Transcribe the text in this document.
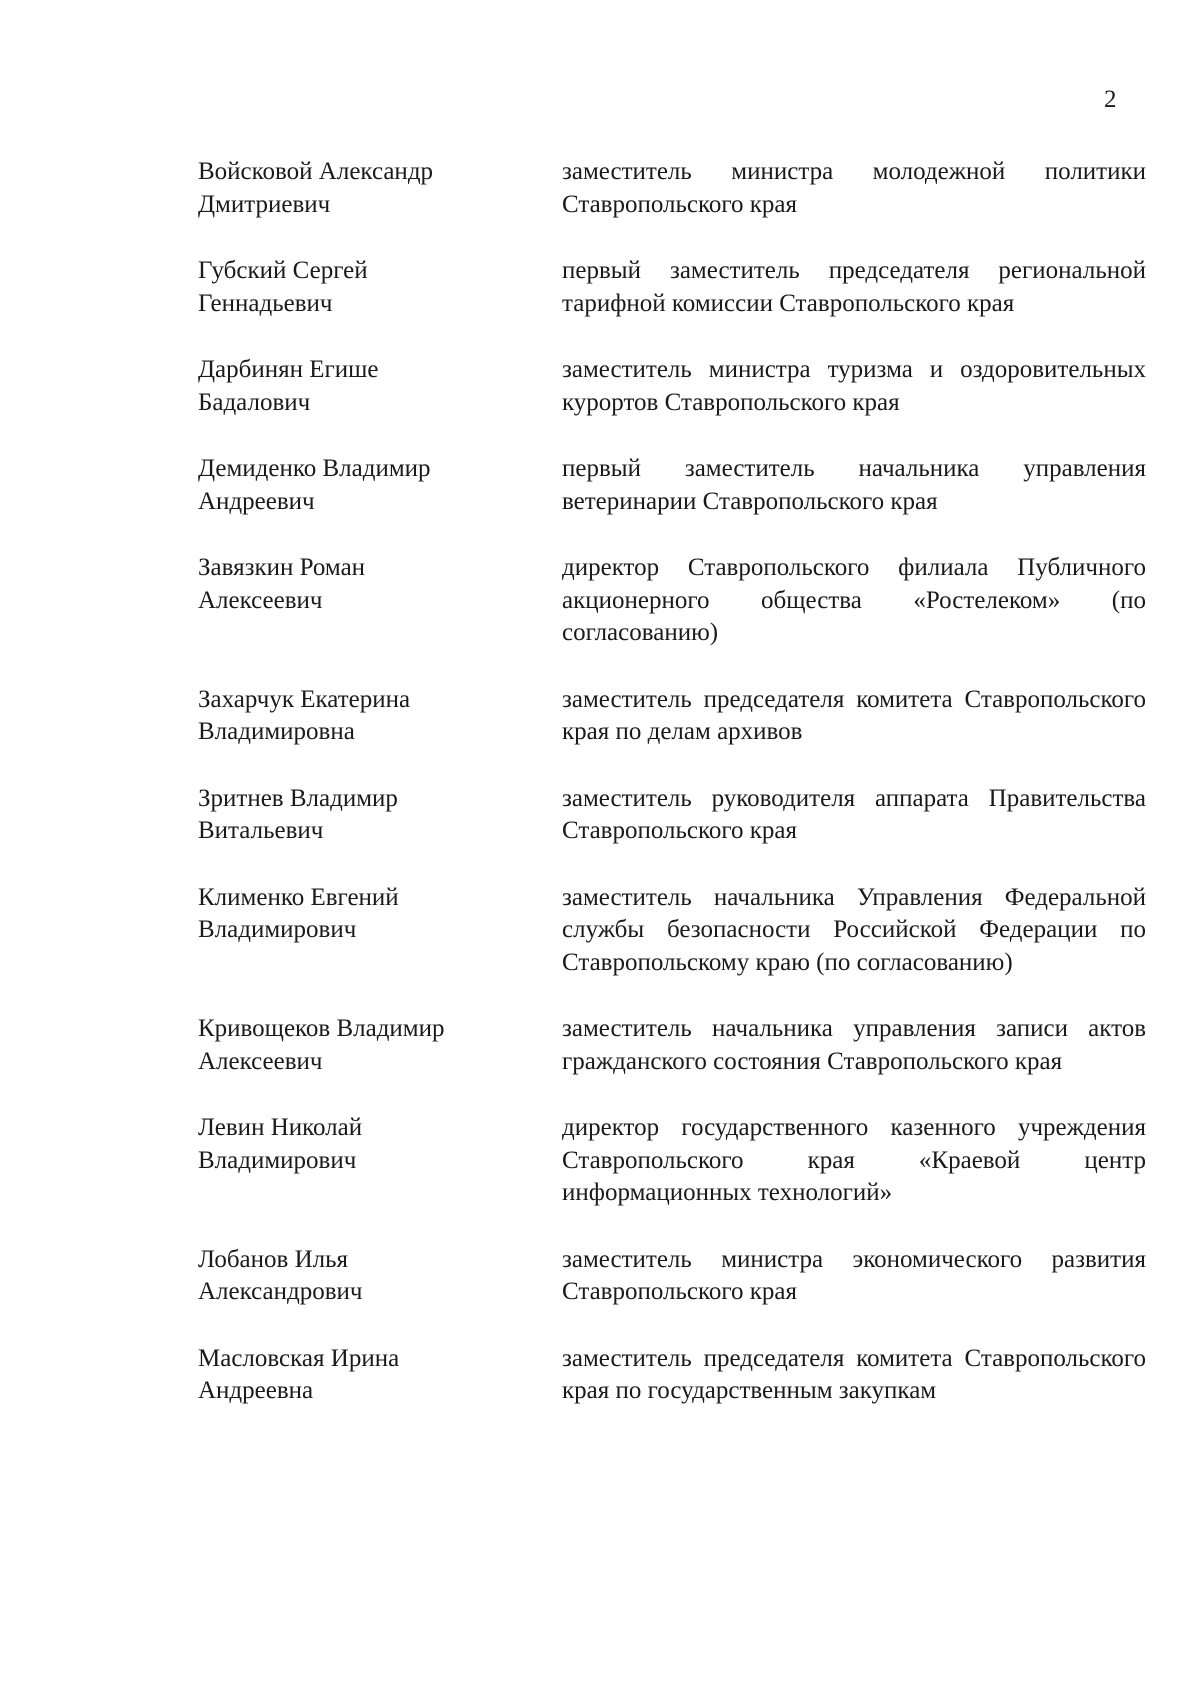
2
Войсковой Александр
Дмитриевич
заместитель министра молодежной политики Ставропольского края
Губский Сергей
Геннадьевич
первый заместитель председателя региональной тарифной комиссии Ставропольского края
Дарбинян Егише
Бадалович
заместитель министра туризма и оздоровительных курортов Ставропольского края
Демиденко Владимир
Андреевич
первый заместитель начальника управления ветеринарии Ставропольского края
Завязкин Роман
Алексеевич
директор Ставропольского филиала Публичного акционерного общества «Ростелеком» (по согласованию)
Захарчук Екатерина
Владимировна
заместитель председателя комитета Ставропольского края по делам архивов
Зритнев Владимир
Витальевич
заместитель руководителя аппарата Правительства Ставропольского края
Клименко Евгений
Владимирович
заместитель начальника Управления Федеральной службы безопасности Российской Федерации по Ставропольскому краю (по согласованию)
Кривощеков Владимир
Алексеевич
заместитель начальника управления записи актов гражданского состояния Ставропольского края
Левин Николай
Владимирович
директор государственного казенного учреждения Ставропольского края «Краевой центр информационных технологий»
Лобанов Илья
Александрович
заместитель министра экономического развития Ставропольского края
Масловская Ирина
Андреевна
заместитель председателя комитета Ставропольского края по государственным закупкам
